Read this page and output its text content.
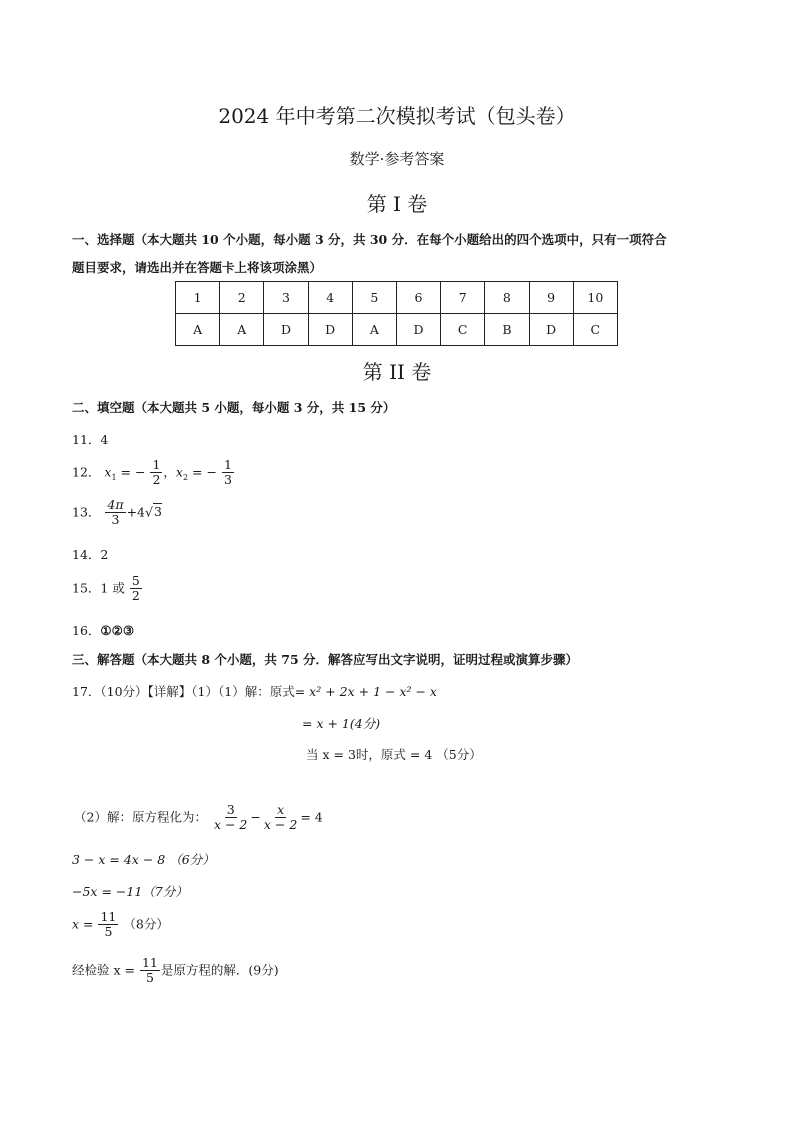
2024 年中考第二次模拟考试（包头卷）
数学·参考答案
第 I 卷
一、选择题（本大题共 10 个小题，每小题 3 分，共 30 分．在每个小题给出的四个选项中，只有一项符合
题目要求，请选出并在答题卡上将该项涂黑）
1	2	3	4	5	6	7	8	9	10
A	A	D	D	A	D	C	B	D	C
第 II 卷
二、填空题（本大题共 5 小题，每小题 3 分，共 15 分）
11．4
12． $x_1$ = − $\frac{1}{2}$ ，$x_2$ = − $\frac{1}{3}$
13． $\frac{4\pi}{3} +4√3$
14．2
15．1 或 $\frac{5}{2}$
16．①②③
三、解答题（本大题共 8 个小题，共 75 分．解答应写出文字说明，证明过程或演算步骤）
17．（10分）【详解】（1）（1）解：原式= x² + 2x + 1 − x² − x
= x + 1(4分)
当 x = 3时，原式 = 4 （5分）
（2）解：原方程化为： $\frac{3}{x - 2} - \frac{x}{x - 2} = 4$
3 − x = 4x − 8 （6分）
−5x = −11（7分）
$x = \frac{11}{5} (8$分）
经检验 $x = \frac{11}{5}$ 是原方程的解．(9分)
